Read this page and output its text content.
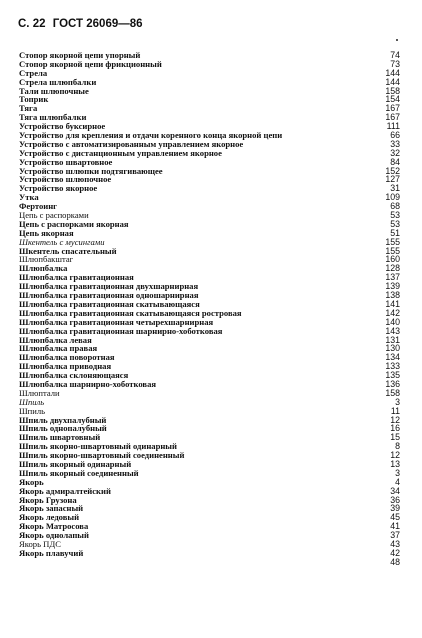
С. 22 ГОСТ 26069—86
Стопор якорной цепи упорный	74
Стопор якорной цепи фрикционный	73
Стрела	144
Стрела шлюпбалки	144
Тали шлюпочные	158
Топрик	154
Тяга	167
Тяга шлюпбалки	167
Устройство буксирное	111
Устройство для крепления и отдачи коренного конца якорной цепи	66
Устройство с автоматизированным управлением якорное	33
Устройство с дистанционным управлением якорное	32
Устройство швартовное	84
Устройство шлюпки подтягивающее	152
Устройство шлюпочное	127
Устройство якорное	31
Утка	109
Фертоинг	68
Цепь с распорками	53
Цепь с распорками якорная	53
Цепь якорная	51
Шкентель с мусингами	155
Шкентель спасательный	155
Шлюпбакштаг	160
Шлюпбалка	128
Шлюпбалка гравитационная	137
Шлюпбалка гравитационная двухшарнирная	139
Шлюпбалка гравитационная одношарнирная	138
Шлюпбалка гравитационная скатывающаяся	141
Шлюпбалка гравитационная скатывающаяся ростровая	142
Шлюпбалка гравитационная четырехшарнирная	140
Шлюпбалка гравитационная шарнирно-хоботковая	143
Шлюпбалка левая	131
Шлюпбалка правая	130
Шлюпбалка поворотная	134
Шлюпбалка приводная	133
Шлюпбалка склоняющаяся	135
Шлюпбалка шарнирно-хоботковая	136
Шлюптали	158
Шпиль	3
Шпиль	11
Шпиль двухпалубный	12
Шпиль однопалубный	16
Шпиль швартовный	15
Шпиль якорно-швартовный одинарный	8
Шпиль якорно-швартовный соединенный	12
Шпиль якорный одинарный	13
Шпиль якорный соединенный	3
Якорь	4
Якорь адмиралтейский	34
Якорь Грузона	36
Якорь запасный	39
Якорь ледовый	45
Якорь Матросова	41
Якорь однолапый	37
Якорь ПДС	43
Якорь плавучий	42
48
